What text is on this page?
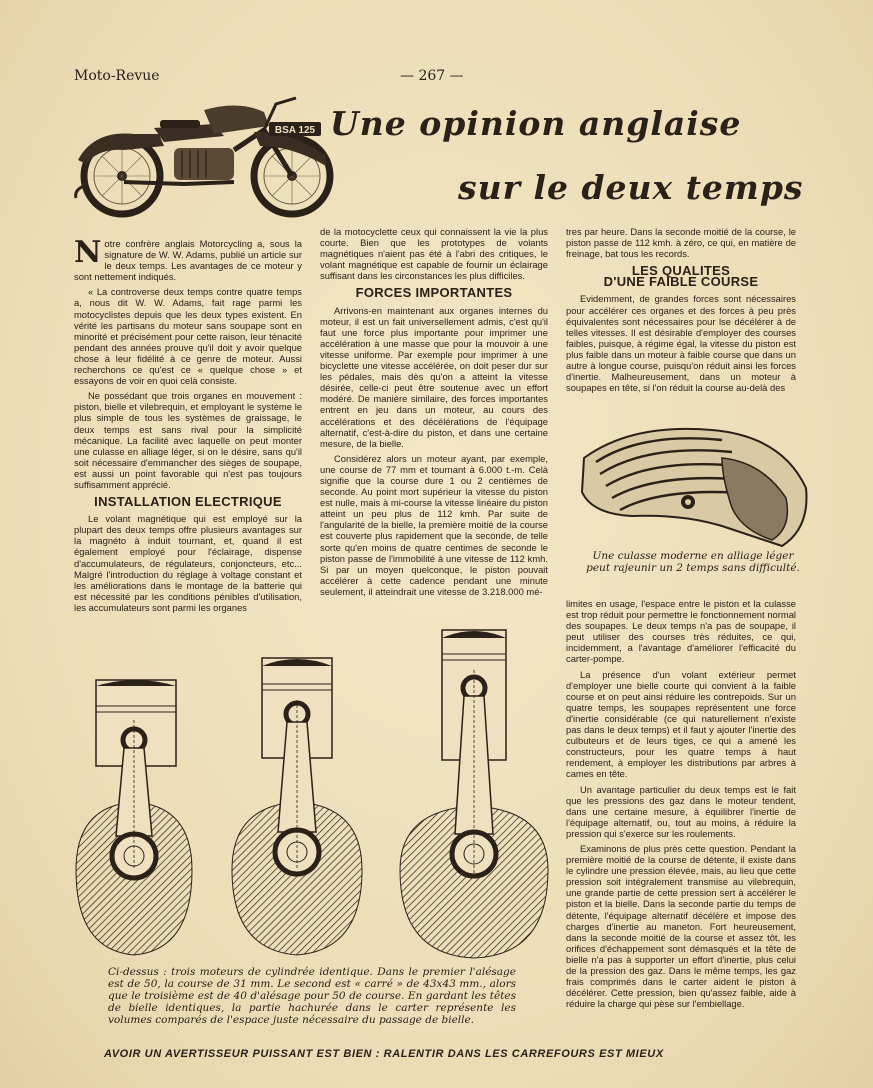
Moto-Revue	— 267 —
BSA 125 Une opinion anglaise
sur le deux temps

Notre confrère anglais Motorcycling a, sous la signature de W. W. Adams, publié un article sur le deux temps. Les avantages de ce moteur y sont nettement indiqués.

« La controverse deux temps contre quatre temps a, nous dit W. W. Adams, fait rage parmi les motocyclistes depuis que les deux types existent. En vérité les partisans du moteur sans soupape sont en minorité et précisément pour cette raison, leur ténacité pendant des années prouve qu'il doit y avoir quelque chose à leur fidélité à ce genre de moteur. Aussi recherchons ce qu'est ce « quelque chose » et essayons de voir en quoi celà consiste.

Ne possédant que trois organes en mouvement : piston, bielle et vilebrequin, et employant le système le plus simple de tous les systèmes de graissage, le deux temps est sans rival pour la simplicité mécanique. La facilité avec laquelle on peut monter une culasse en alliage léger, si on le désire, sans qu'il soit nécessaire d'emmancher des sièges de soupape, est aussi un point favorable qui n'est pas toujours suffisamment apprécié.

INSTALLATION ELECTRIQUE

Le volant magnétique qui est employé sur la plupart des deux temps offre plusieurs avantages sur la magnéto à induit tournant, et, quand il est également employé pour l'éclairage, dispense d'accumulateurs, de régulateurs, conjoncteurs, etc... Malgré l'introduction du réglage à voltage constant et les améliorations dans le montage de la batterie qui est nécessité par les conditions pénibles d'utilisation, les accumulateurs sont parmi les organes

de la motocyclette ceux qui connaissent la vie la plus courte. Bien que les prototypes de volants magnétiques n'aient pas été à l'abri des critiques, le volant magnétique est capable de fournir un éclairage suffisant dans les circonstances les plus difficiles.

FORCES IMPORTANTES

Arrivons-en maintenant aux organes internes du moteur, il est un fait universellement admis, c'est qu'il faut une force plus importante pour imprimer une accélération à une masse que pour la mouvoir à une vitesse uniforme. Par exemple pour imprimer à une bicyclette une vitesse accélérée, on doit peser dur sur les pédales, mais dès qu'on a atteint la vitesse désirée, celle-ci peut être soutenue avec un effort modéré. De manière similaire, des forces importantes entrent en jeu dans un moteur, au cours des accélérations et des décélérations de l'équipage alternatif, c'est-à-dire du piston, et dans une certaine mesure, de la bielle.

Considérez alors un moteur ayant, par exemple, une course de 77 mm et tournant à 6.000 t.-m. Celà signifie que la course dure 1 ou 2 centièmes de seconde. Au point mort supérieur la vitesse du piston est nulle, mais à mi-course la vitesse linéaire du piston atteint un peu plus de 112 kmh. Par suite de l'angularité de la bielle, la première moitié de la course est couverte plus rapidement que la seconde, de telle sorte qu'en moins de quatre centimes de seconde le piston passe de l'immobilité à une vitesse de 112 kmh. Si par un moyen quelconque, le piston pouvait accélérer à cette cadence pendant une minute seulement, il atteindrait une vitesse de 3.218.000 mé-

tres par heure. Dans la seconde moitié de la course, le piston passe de 112 kmh. à zéro, ce qui, en matière de freinage, bat tous les records.

LES QUALITES
D'UNE FAIBLE COURSE

Evidemment, de grandes forces sont nécessaires pour accélérer ces organes et des forces à peu près équivalentes sont nécessaires pour lse décélérer à de telles vitesses. Il est désirable d'employer des courses faibles, puisque, à régime égal, la vitesse du piston est plus faible dans un moteur à faible course que dans un autre à longue course, puisqu'on réduit ainsi les forces d'inertie. Malheureusement, dans un moteur à soupapes en tête, si l'on réduit la course au-delà des

Une culasse moderne en alliage léger peut rajeunir un 2 temps sans difficulté.

limites en usage, l'espace entre le piston et la culasse est trop réduit pour permettre le fonctionnement normal des soupapes. Le deux temps n'a pas de soupape, il peut utiliser des courses très réduites, ce qui, incidemment, a l'avantage d'améliorer l'efficacité du carter-pompe.

La présence d'un volant extérieur permet d'employer une bielle courte qui convient à la faible course et on peut ainsi réduire les contrepoids. Sur un quatre temps, les soupapes représentent une force d'inertie considérable (ce qui naturellement n'existe pas dans le deux temps) et il faut y ajouter l'inertie des culbuteurs et de leurs tiges, ce qui a amené les constructeurs, pour les quatre temps à haut rendement, à employer les distributions par arbres à cames en tête.

Un avantage particulier du deux temps est le fait que les pressions des gaz dans le moteur tendent, dans une certaine mesure, à équilibrer l'inertie de l'équipage alternatif, ou, tout au moins, à réduire la pression qui s'exerce sur les roulements.

Examinons de plus près cette question. Pendant la première moitié de la course de détente, il existe dans le cylindre une pression élevée, mais, au lieu que cette pression soit intégralement transmise au vilebrequin, une grande partie de cette pression sert à accélérer le piston et la bielle. Dans la seconde partie du temps de détente, l'équipage alternatif décélère et impose des charges d'inertie au maneton. Fort heureusement, dans la seconde moitié de la course et assez tôt, les orifices d'échappement sont démasqués et la tête de bielle n'a pas à supporter un effort d'inertie, plus celui de la pression des gaz. Dans le même temps, les gaz frais comprimés dans le carter aident le piston à décélérer. Cette pression, bien qu'assez faible, aide à réduire la charge qui pèse sur l'embiellage.

Ci-dessus : trois moteurs de cylindrée identique. Dans le premier l'alésage est de 50, la course de 31 mm. Le second est « carré » de 43x43 mm., alors que le troisième est de 40 d'alésage pour 50 de course. En gardant les têtes de bielle identiques, la partie hachurée dans le carter représente les volumes comparés de l'espace juste nécessaire du passage de bielle.
AVOIR UN AVERTISSEUR PUISSANT EST BIEN : RALENTIR DANS LES CARREFOURS EST MIEUX
